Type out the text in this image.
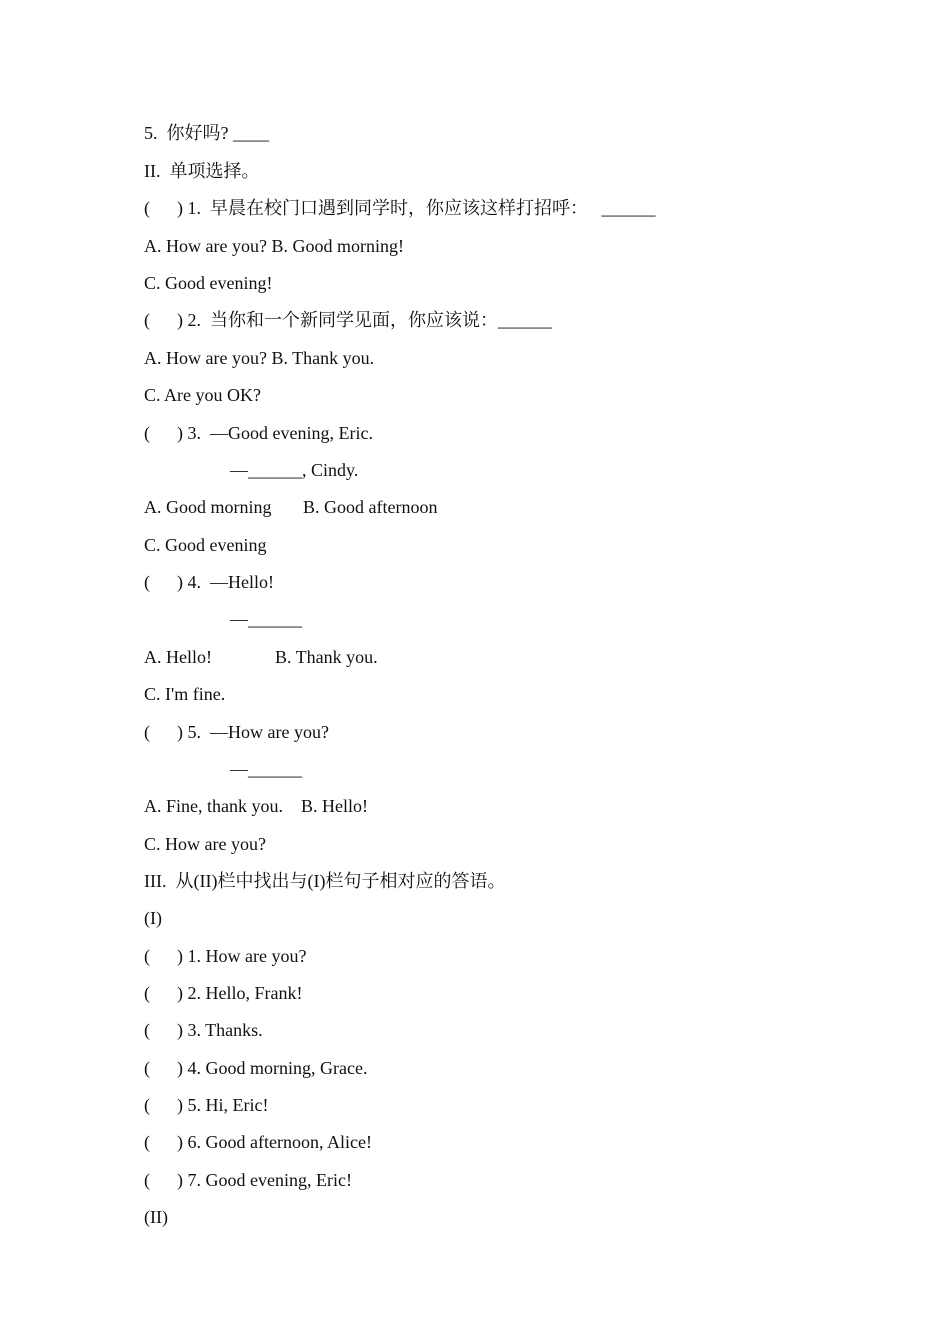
5.  你好吗? ____
II.  单项选择。
(      ) 1.  早晨在校门口遇到同学时，你应该这样打招呼：   ______
A. How are you? B. Good morning!
C. Good evening!
(      ) 2.  当你和一个新同学见面，你应该说：______
A. How are you? B. Thank you.
C. Are you OK?
(      ) 3.  —Good evening, Eric.
—______, Cindy.
A. Good morning       B. Good afternoon
C. Good evening
(      ) 4.  —Hello!
—______
A. Hello!              B. Thank you.
C. I'm fine.
(      ) 5.  —How are you?
—______
A. Fine, thank you.    B. Hello!
C. How are you?
III.  从(II)栏中找出与(I)栏句子相对应的答语。
(I)
(      ) 1. How are you?
(      ) 2. Hello, Frank!
(      ) 3. Thanks.
(      ) 4. Good morning, Grace.
(      ) 5. Hi, Eric!
(      ) 6. Good afternoon, Alice!
(      ) 7. Good evening, Eric!
(II)
